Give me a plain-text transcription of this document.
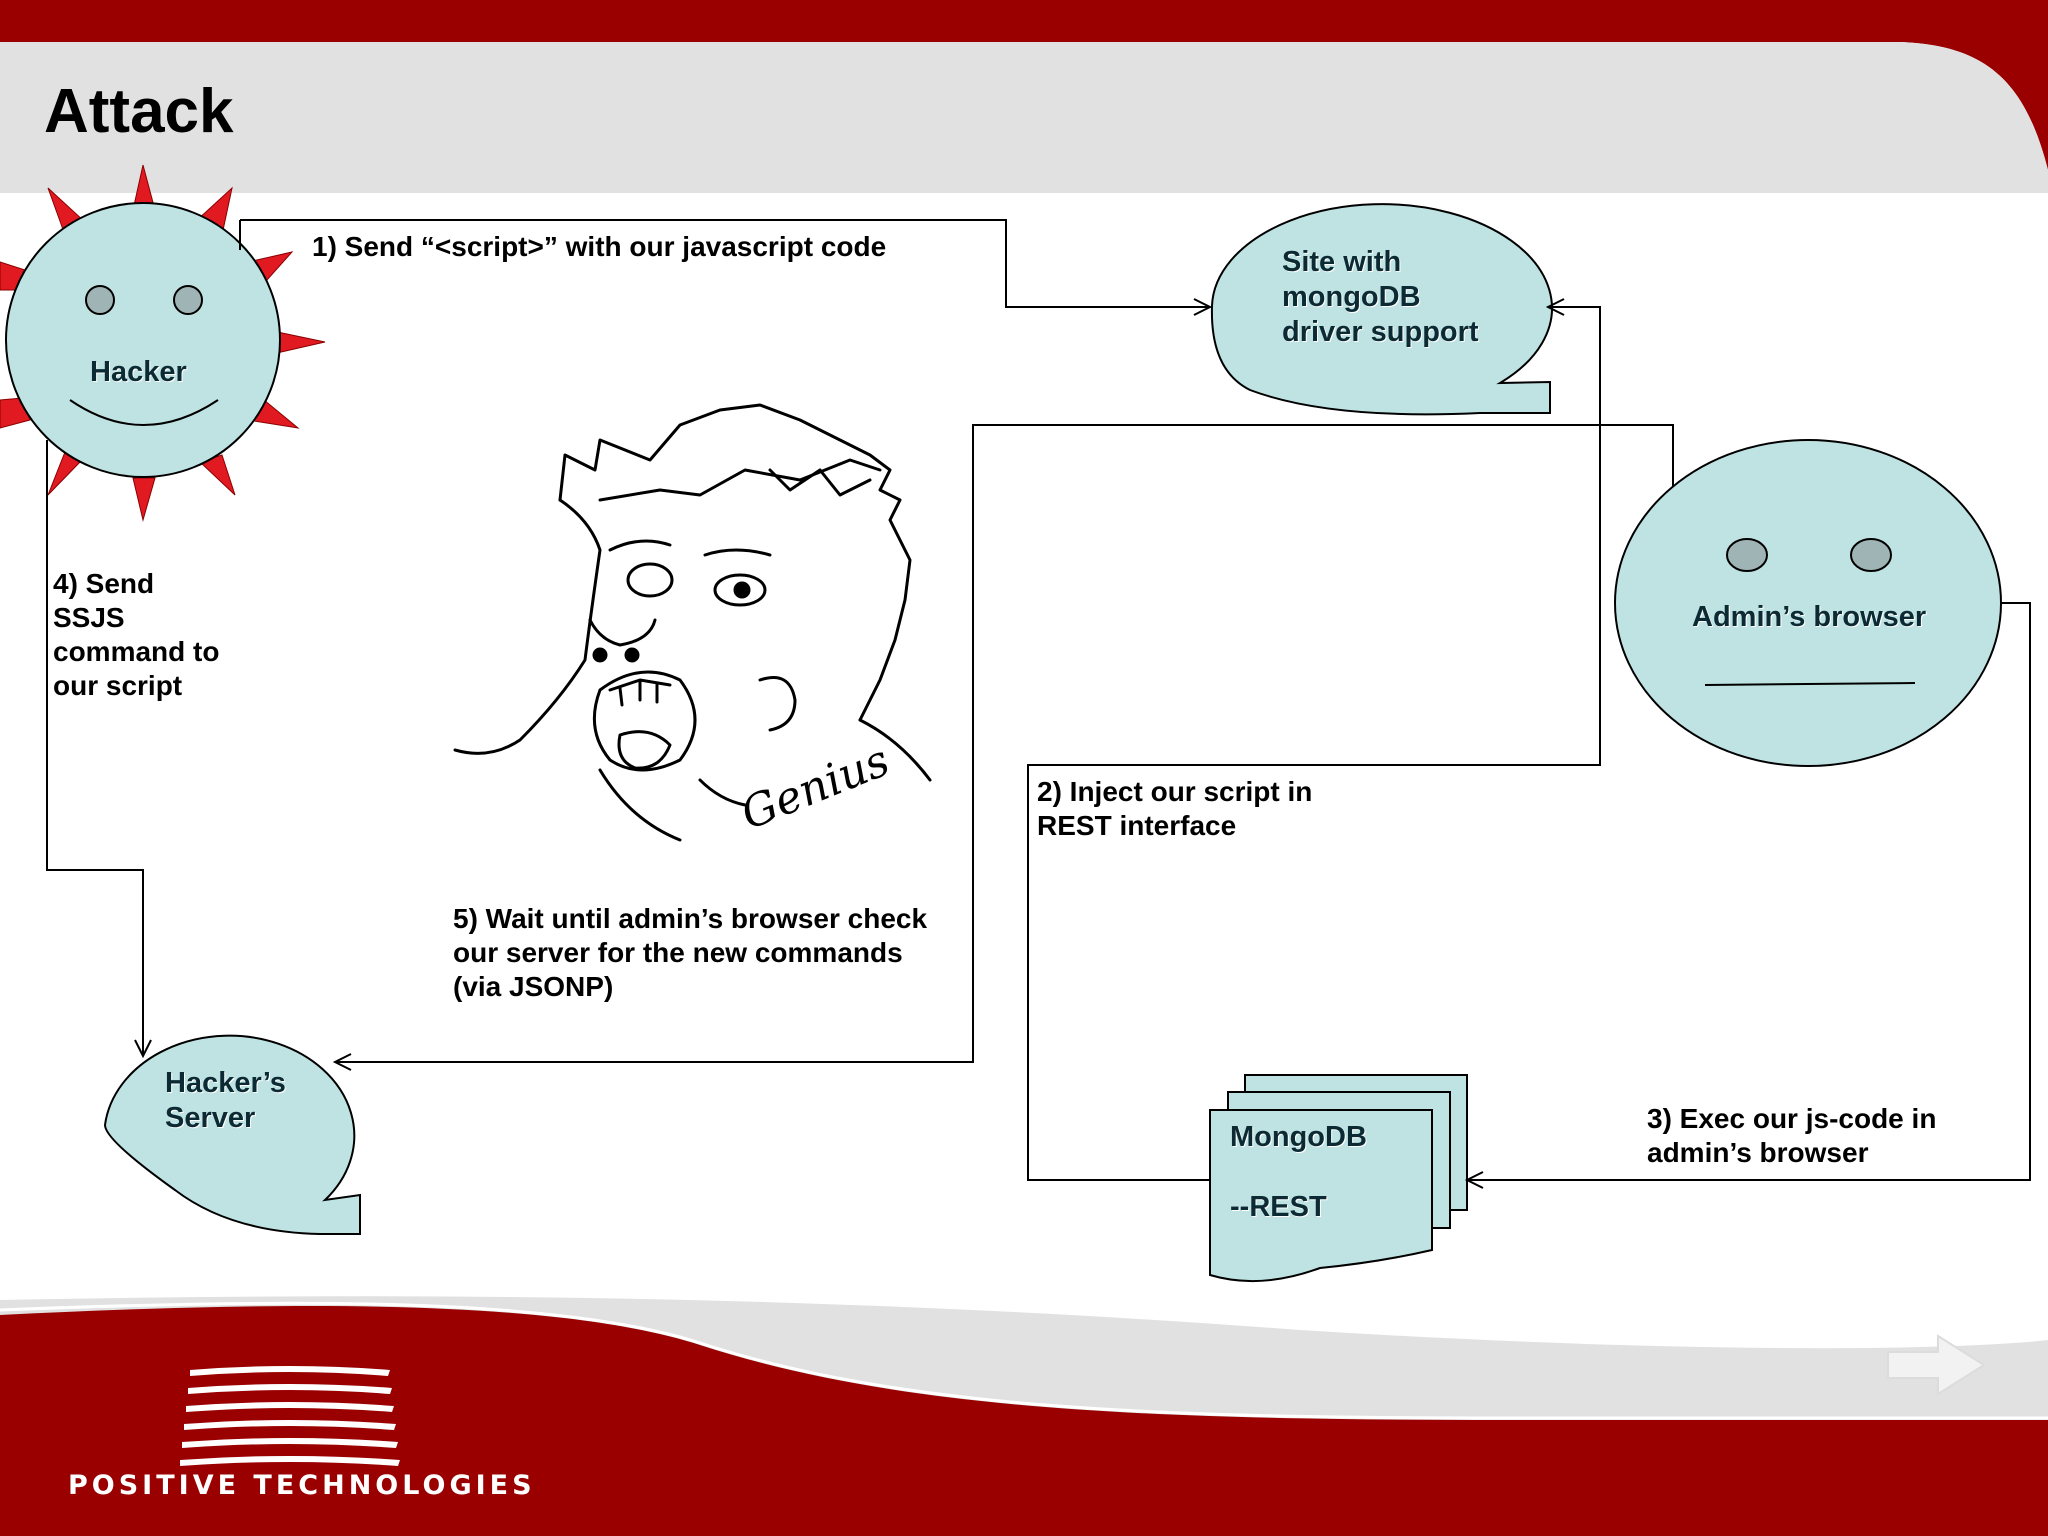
Attack
Hacker
Site with
mongoDB
driver support
Admin’s browser
Hacker’s
Server
MongoDB

--REST
1) Send “<script>” with our javascript code
2) Inject our script in
REST interface
3) Exec our js-code in
admin’s browser
4) Send
SSJS
command to
our script
5) Wait until admin’s browser check
our server for the new commands
(via JSONP)
Genius
POSITIVE TECHNOLOGIES
